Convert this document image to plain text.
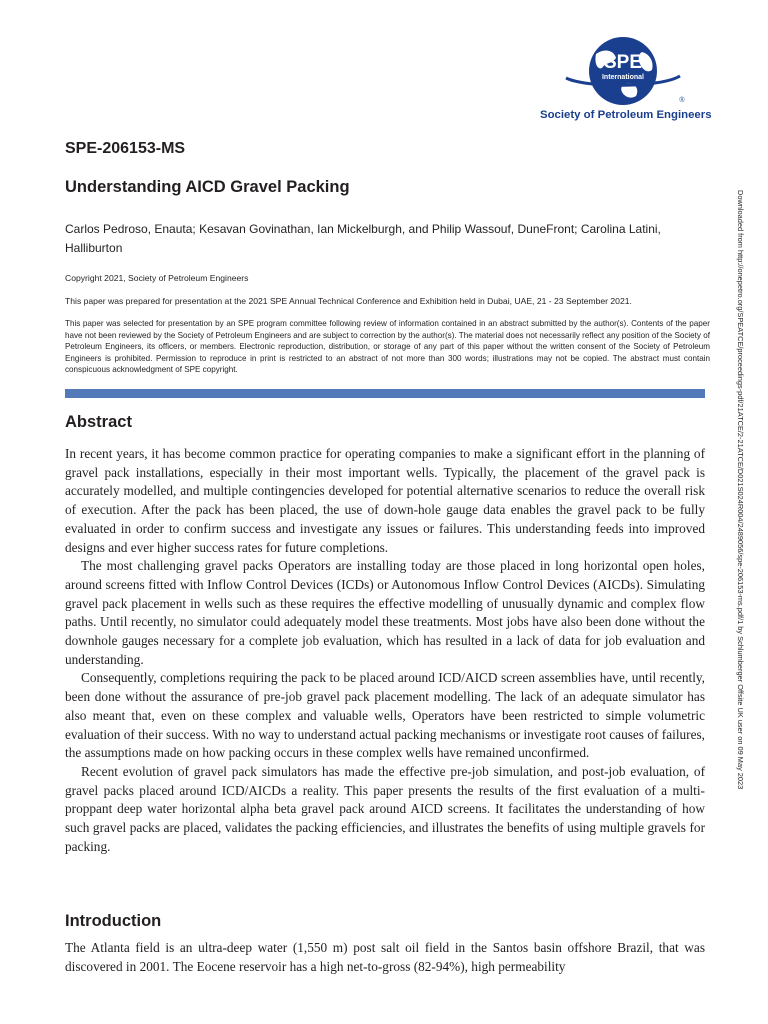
SPE
International
®
Society of Petroleum Engineers
SPE-206153-MS
Understanding AICD Gravel Packing

Carlos Pedroso, Enauta; Kesavan Govinathan, Ian Mickelburgh, and Philip Wassouf, DuneFront; Carolina Latini, Halliburton

Copyright 2021, Society of Petroleum Engineers

This paper was prepared for presentation at the 2021 SPE Annual Technical Conference and Exhibition held in Dubai, UAE, 21 - 23 September 2021.

This paper was selected for presentation by an SPE program committee following review of information contained in an abstract submitted by the author(s). Contents of the paper have not been reviewed by the Society of Petroleum Engineers and are subject to correction by the author(s). The material does not necessarily reflect any position of the Society of Petroleum Engineers, its officers, or members. Electronic reproduction, distribution, or storage of any part of this paper without the written consent of the Society of Petroleum Engineers is prohibited. Permission to reproduce in print is restricted to an abstract of not more than 300 words; illustrations may not be copied. The abstract must contain conspicuous acknowledgment of SPE copyright.

Abstract

In recent years, it has become common practice for operating companies to make a significant effort in the planning of gravel pack installations, especially in their most important wells. Typically, the placement of the gravel pack is accurately modelled, and multiple contingencies developed for potential alternative scenarios to reduce the overall risk of execution. After the pack has been placed, the use of down-hole gauge data enables the gravel pack to be fully evaluated in order to confirm success and investigate any issues or failures. This understanding feeds into improved designs and ever higher success rates for future completions.

The most challenging gravel packs Operators are installing today are those placed in long horizontal open holes, around screens fitted with Inflow Control Devices (ICDs) or Autonomous Inflow Control Devices (AICDs). Simulating gravel pack placement in wells such as these requires the effective modelling of unusually dynamic and complex flow paths. Until recently, no simulator could adequately model these treatments. Most jobs have also been done without the downhole gauges necessary for a complete job evaluation, which has resulted in a lack of data for job evaluation and understanding.

Consequently, completions requiring the pack to be placed around ICD/AICD screen assemblies have, until recently, been done without the assurance of pre-job gravel pack placement modelling. The lack of an adequate simulator has also meant that, even on these complex and valuable wells, Operators have been restricted to simple volumetric evaluation of their success. With no way to understand actual packing mechanisms or investigate root causes of failures, the assumptions made on how packing occurs in these complex wells have remained unconfirmed.

Recent evolution of gravel pack simulators has made the effective pre-job simulation, and post-job evaluation, of gravel packs placed around ICD/AICDs a reality. This paper presents the results of the first evaluation of a multi-proppant deep water horizontal alpha beta gravel pack around AICD screens. It facilitates the understanding of how such gravel packs are placed, validates the packing efficiencies, and illustrates the benefits of using multiple gravels for packing.

Introduction

The Atlanta field is an ultra-deep water (1,550 m) post salt oil field in the Santos basin offshore Brazil, that was discovered in 2001. The Eocene reservoir has a high net-to-gross (82-94%), high permeability

Downloaded from http://onepetro.org/SPEATCE/proceedings-pdf/21ATCE/2-21ATCE/D021S024R004/2489056/spe-206153-ms.pdf/1 by Schlumberger Offsite UK user on 09 May 2023
